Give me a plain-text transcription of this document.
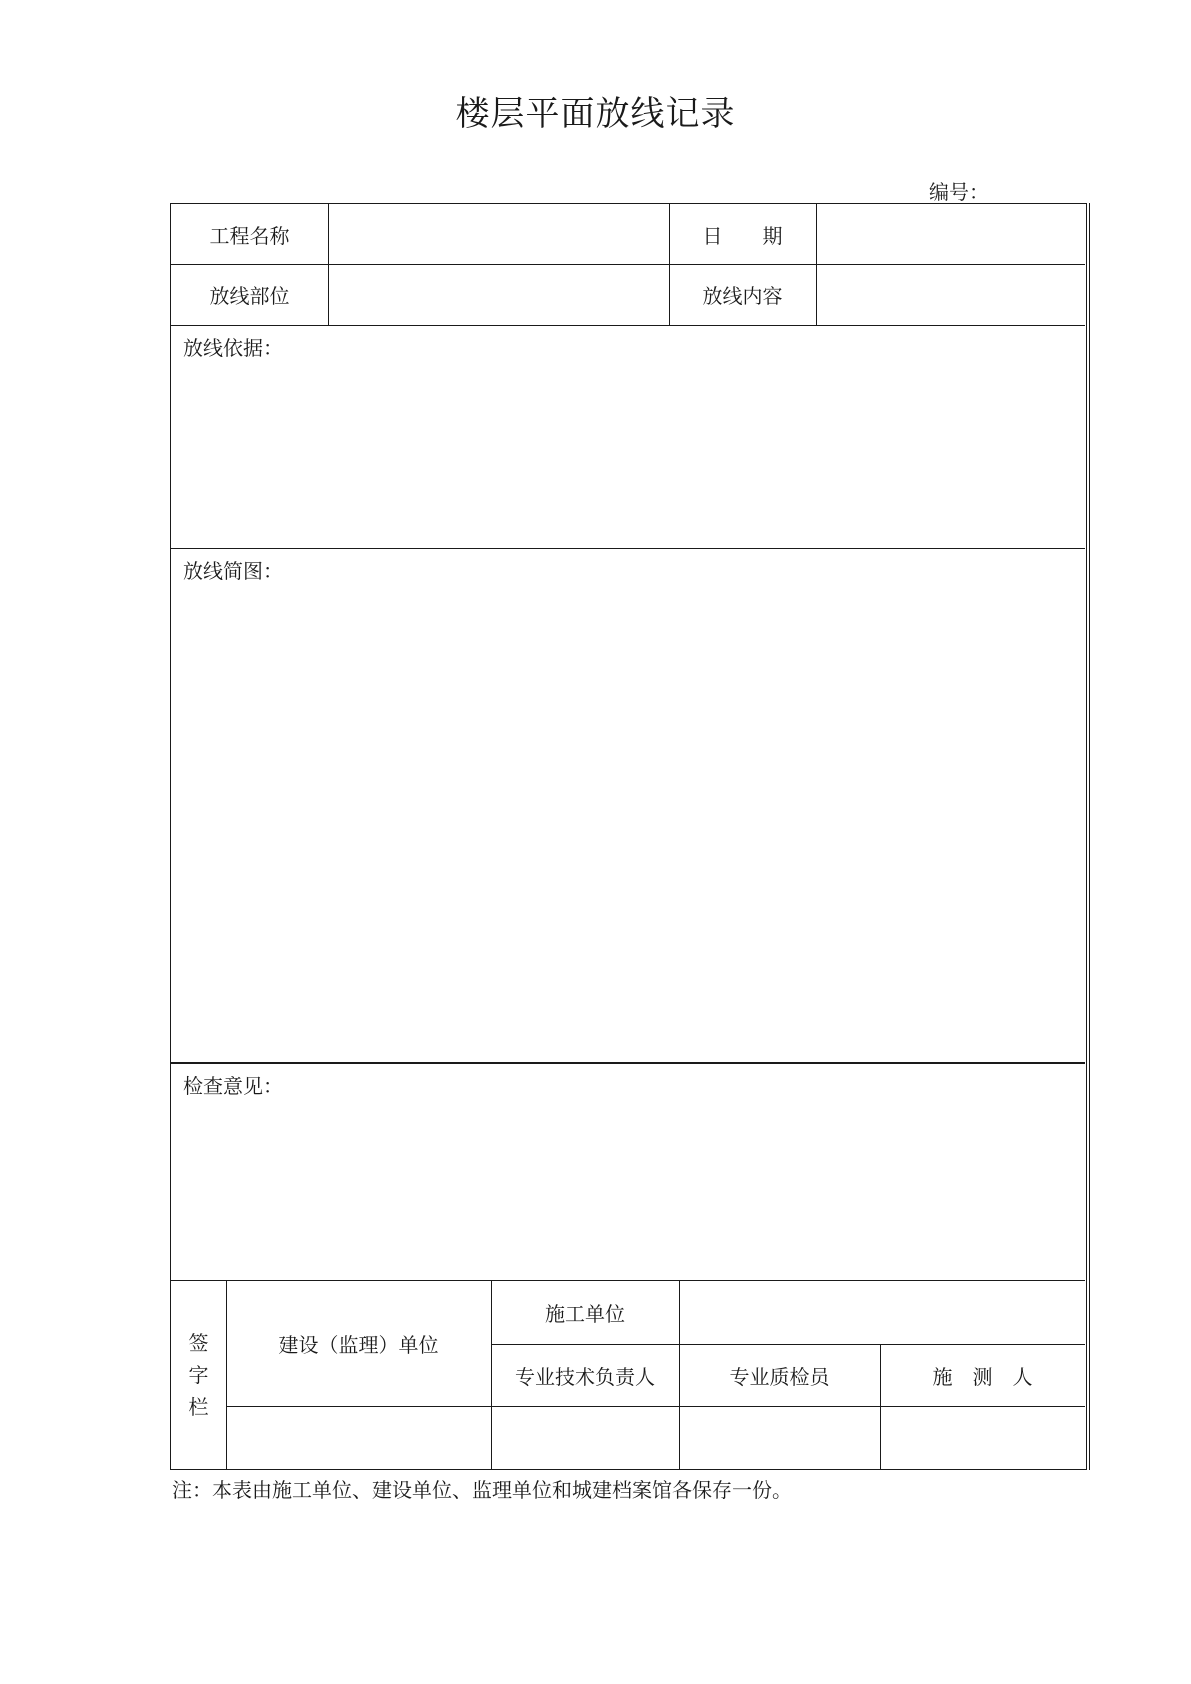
楼层平面放线记录
编号：
工程名称	日　　期
放线部位	放线内容
放线依据：
放线简图：
检查意见：
签
字
栏
建设（监理）单位
施工单位
专业技术负责人	专业质检员	施　测　人
注：本表由施工单位、建设单位、监理单位和城建档案馆各保存一份。
